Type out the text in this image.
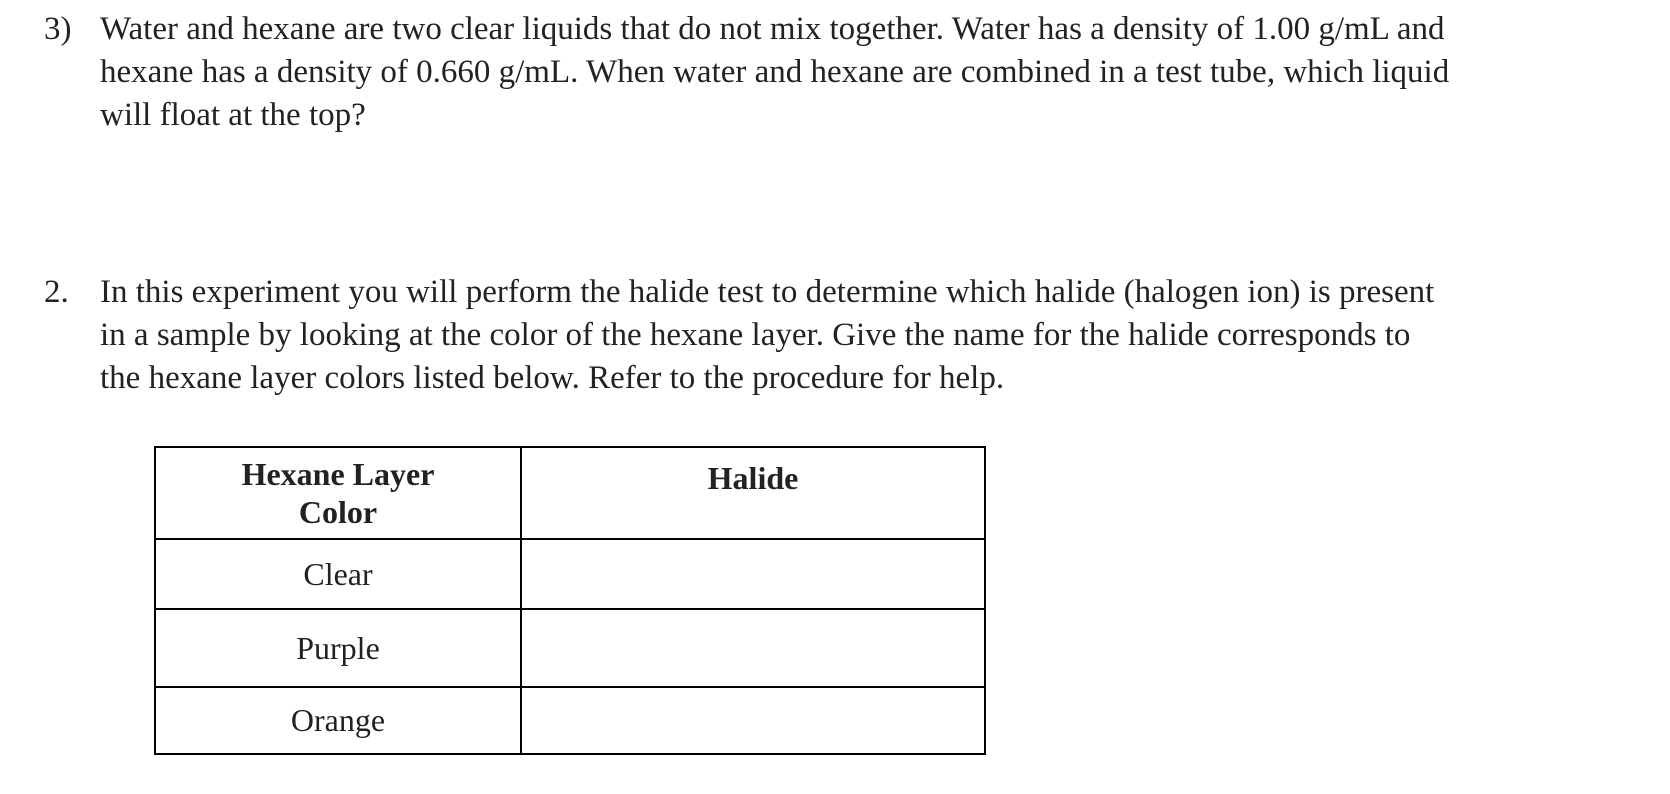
3) Water and hexane are two clear liquids that do not mix together. Water has a density of 1.00 g/mL and
hexane has a density of 0.660 g/mL. When water and hexane are combined in a test tube, which liquid
will float at the top?
2. In this experiment you will perform the halide test to determine which halide (halogen ion) is present
in a sample by looking at the color of the hexane layer. Give the name for the halide corresponds to
the hexane layer colors listed below. Refer to the procedure for help.
Hexane Layer
Color	Halide
Clear	
Purple	
Orange	
